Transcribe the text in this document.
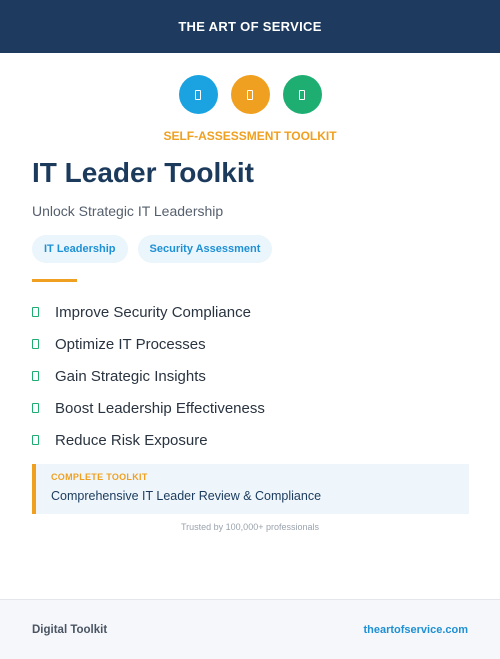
THE ART OF SERVICE
SELF-ASSESSMENT TOOLKIT
IT Leader Toolkit
Unlock Strategic IT Leadership
IT Leadership	Security Assessment
Improve Security Compliance
Optimize IT Processes
Gain Strategic Insights
Boost Leadership Effectiveness
Reduce Risk Exposure
COMPLETE TOOLKIT
Comprehensive IT Leader Review & Compliance
Trusted by 100,000+ professionals
Digital Toolkit	theartofservice.com
